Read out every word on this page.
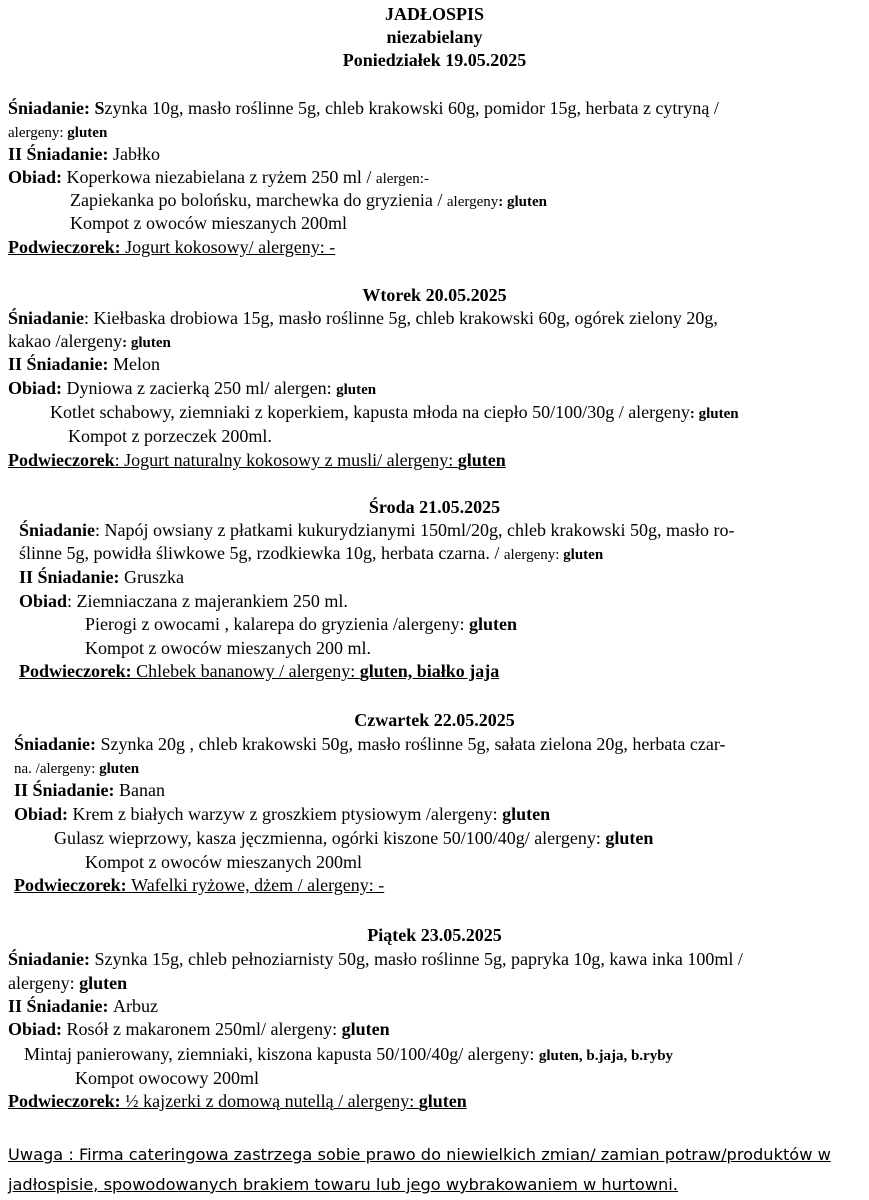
JADŁOSPIS
niezabielany
Poniedziałek 19.05.2025
Śniadanie: Szynka 10g, masło roślinne 5g, chleb krakowski 60g, pomidor 15g, herbata z cytryną /
alergeny: gluten
II Śniadanie: Jabłko
Obiad: Koperkowa niezabielana z ryżem 250 ml / alergen:-
Zapiekanka po bolońsku, marchewka do gryzienia / alergeny: gluten
Kompot z owoców mieszanych 200ml
Podwieczorek: Jogurt kokosowy/ alergeny: -
Wtorek 20.05.2025
Śniadanie: Kiełbaska drobiowa 15g, masło roślinne 5g, chleb krakowski 60g, ogórek zielony 20g,
kakao /alergeny: gluten
II Śniadanie: Melon
Obiad: Dyniowa z zacierką 250 ml/ alergen: gluten
Kotlet schabowy, ziemniaki z koperkiem, kapusta młoda na ciepło 50/100/30g / alergeny: gluten
Kompot z porzeczek 200ml.
Podwieczorek: Jogurt naturalny kokosowy z musli/ alergeny: gluten
Środa 21.05.2025
Śniadanie: Napój owsiany z płatkami kukurydzianymi 150ml/20g, chleb krakowski 50g, masło ro-
ślinne 5g, powidła śliwkowe 5g, rzodkiewka 10g, herbata czarna. / alergeny: gluten
II Śniadanie: Gruszka
Obiad: Ziemniaczana z majerankiem 250 ml.
Pierogi z owocami , kalarepa do gryzienia /alergeny: gluten
Kompot z owoców mieszanych 200 ml.
Podwieczorek: Chlebek bananowy / alergeny: gluten, białko jaja
Czwartek 22.05.2025
Śniadanie: Szynka 20g , chleb krakowski 50g, masło roślinne 5g, sałata zielona 20g, herbata czar-
na. /alergeny: gluten
II Śniadanie: Banan
Obiad: Krem z białych warzyw z groszkiem ptysiowym /alergeny: gluten
Gulasz wieprzowy, kasza jęczmienna, ogórki kiszone 50/100/40g/ alergeny: gluten
Kompot z owoców mieszanych 200ml
Podwieczorek: Wafelki ryżowe, dżem / alergeny: -
Piątek 23.05.2025
Śniadanie: Szynka 15g, chleb pełnoziarnisty 50g, masło roślinne 5g, papryka 10g, kawa inka 100ml /
alergeny: gluten
II Śniadanie: Arbuz
Obiad: Rosół z makaronem 250ml/ alergeny: gluten
Mintaj panierowany, ziemniaki, kiszona kapusta 50/100/40g/ alergeny: gluten, b.jaja, b.ryby
Kompot owocowy 200ml
Podwieczorek: ½ kajzerki z domową nutellą / alergeny: gluten
Uwaga : Firma cateringowa zastrzega sobie prawo do niewielkich zmian/ zamian potraw/produktów w
jadłospisie, spowodowanych brakiem towaru lub jego wybrakowaniem w hurtowni.
